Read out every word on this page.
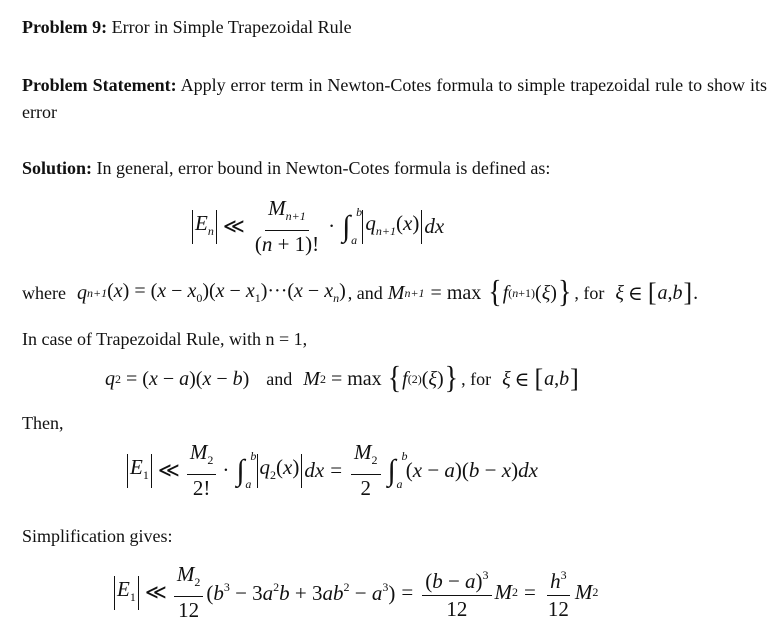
Problem 9: Error in Simple Trapezoidal Rule
Problem Statement: Apply error term in Newton-Cotes formula to simple trapezoidal rule to show its error
Solution: In general, error bound in Newton-Cotes formula is defined as:
$E_n$ ≪ $\frac{M_{n+1}}{(n + 1)!}$ · ∫ b
a
$q_{n+1}(x)$ dx
where q n+1 $(x) = (x - x_0)(x - x_1)\cdot\cdot\cdot(x - x_n)$ , and M n+1 = max { f (n+1) (ξ) } , for ξ ∈ [ a , b ] .
In case of Trapezoidal Rule, with n = 1,
q 2 = (x − a)(x − b) and M 2 = max { f (2) (ξ) } , for ξ ∈ [ a , b ]
Then,
$E_1$ ≪ $\frac{M_2}{2!}$ · ∫ b
a
$q_2(x)$ dx = $\frac{M_2}{2}$ ∫ b
a
(x − a)(b − x)dx
Simplification gives:
$E_1$ ≪ $\frac{M_2}{12} (b^3 - 3a^2b + 3ab^2 - a^3) = \frac{(b - a)^3}{12}$ M $2 = \frac{h^3}{12}$ M 2
